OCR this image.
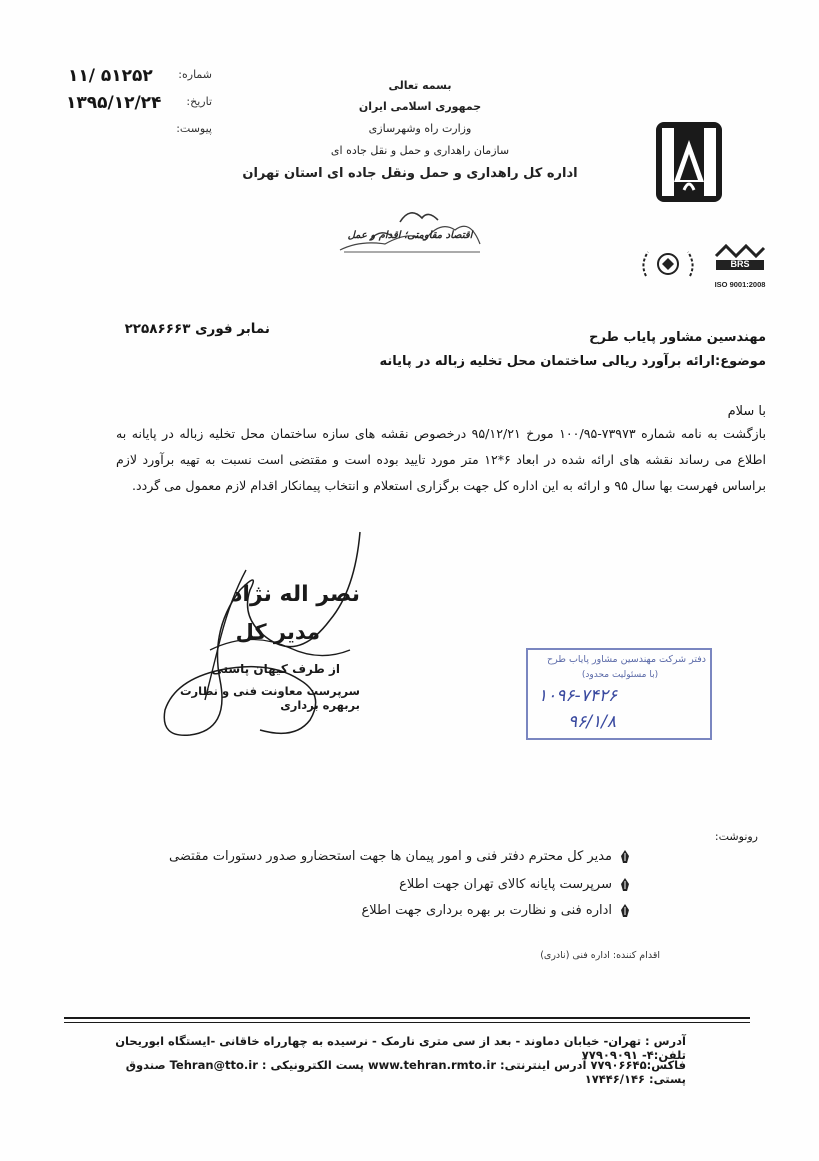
شماره:
۱۱/ ۵۱۲۵۲
تاریخ:
۱۳۹۵/۱۲/۲۴
پیوست:
بسمه تعالی
جمهوری اسلامی ایران
وزارت راه وشهرسازی
سازمان راهداری و حمل و نقل جاده ای
اداره کل راهداری و حمل ونقل جاده ای استان تهران
اقتصاد مقاومتی؛ اقدام و عمل
BRS
ISO 9001:2008
مهندسین مشاور پایاب طرح
نمابر فوری ۲۲۵۸۶۶۶۳
موضوع:ارائه برآورد ریالی ساختمان محل تخلیه زباله در پایانه
با سلام
بازگشت به نامه شماره ۷۳۹۷۳-۱۰۰/۹۵ مورخ ۹۵/۱۲/۲۱ درخصوص نقشه های سازه ساختمان محل تخلیه زباله در پایانه به اطلاع می رساند نقشه های ارائه شده در ابعاد ۶*۱۲ متر مورد تایید بوده است و مقتضی است نسبت به تهیه برآورد لازم براساس فهرست بها سال ۹۵ و ارائه به این اداره کل جهت برگزاری استعلام و انتخاب پیمانکار اقدام لازم معمول می گردد.
نصر اله نژاد
مدیر کل
از طرف کیهان پاستی
سرپرست معاونت فنی و نظارت بربهره برداری
دفتر شرکت مهندسین مشاور پایاب طرح
(با مسئولیت محدود)
۱۰۹۶-۷۴۲۶
۹۶/۱/۸
رونوشت:
مدیر کل محترم دفتر فنی و امور پیمان ها جهت استحضارو صدور دستورات مقتضی
سرپرست پایانه کالای تهران جهت اطلاع
اداره فنی و نظارت بر بهره برداری جهت اطلاع
اقدام کننده: اداره فنی (نادری)
آدرس : تهران- خیابان دماوند - بعد از سی متری نارمک - نرسیده به چهارراه خاقانی -ایستگاه ابوریحان تلفن:۴- ۷۷۹۰۹۰۹۱
فاکس:۷۷۹۰۶۶۴۵ آدرس اینترنتی: www.tehran.rmto.ir پست الکترونیکی : Tehran@tto.ir صندوق پستی: ۱۷۴۴۶/۱۴۶
